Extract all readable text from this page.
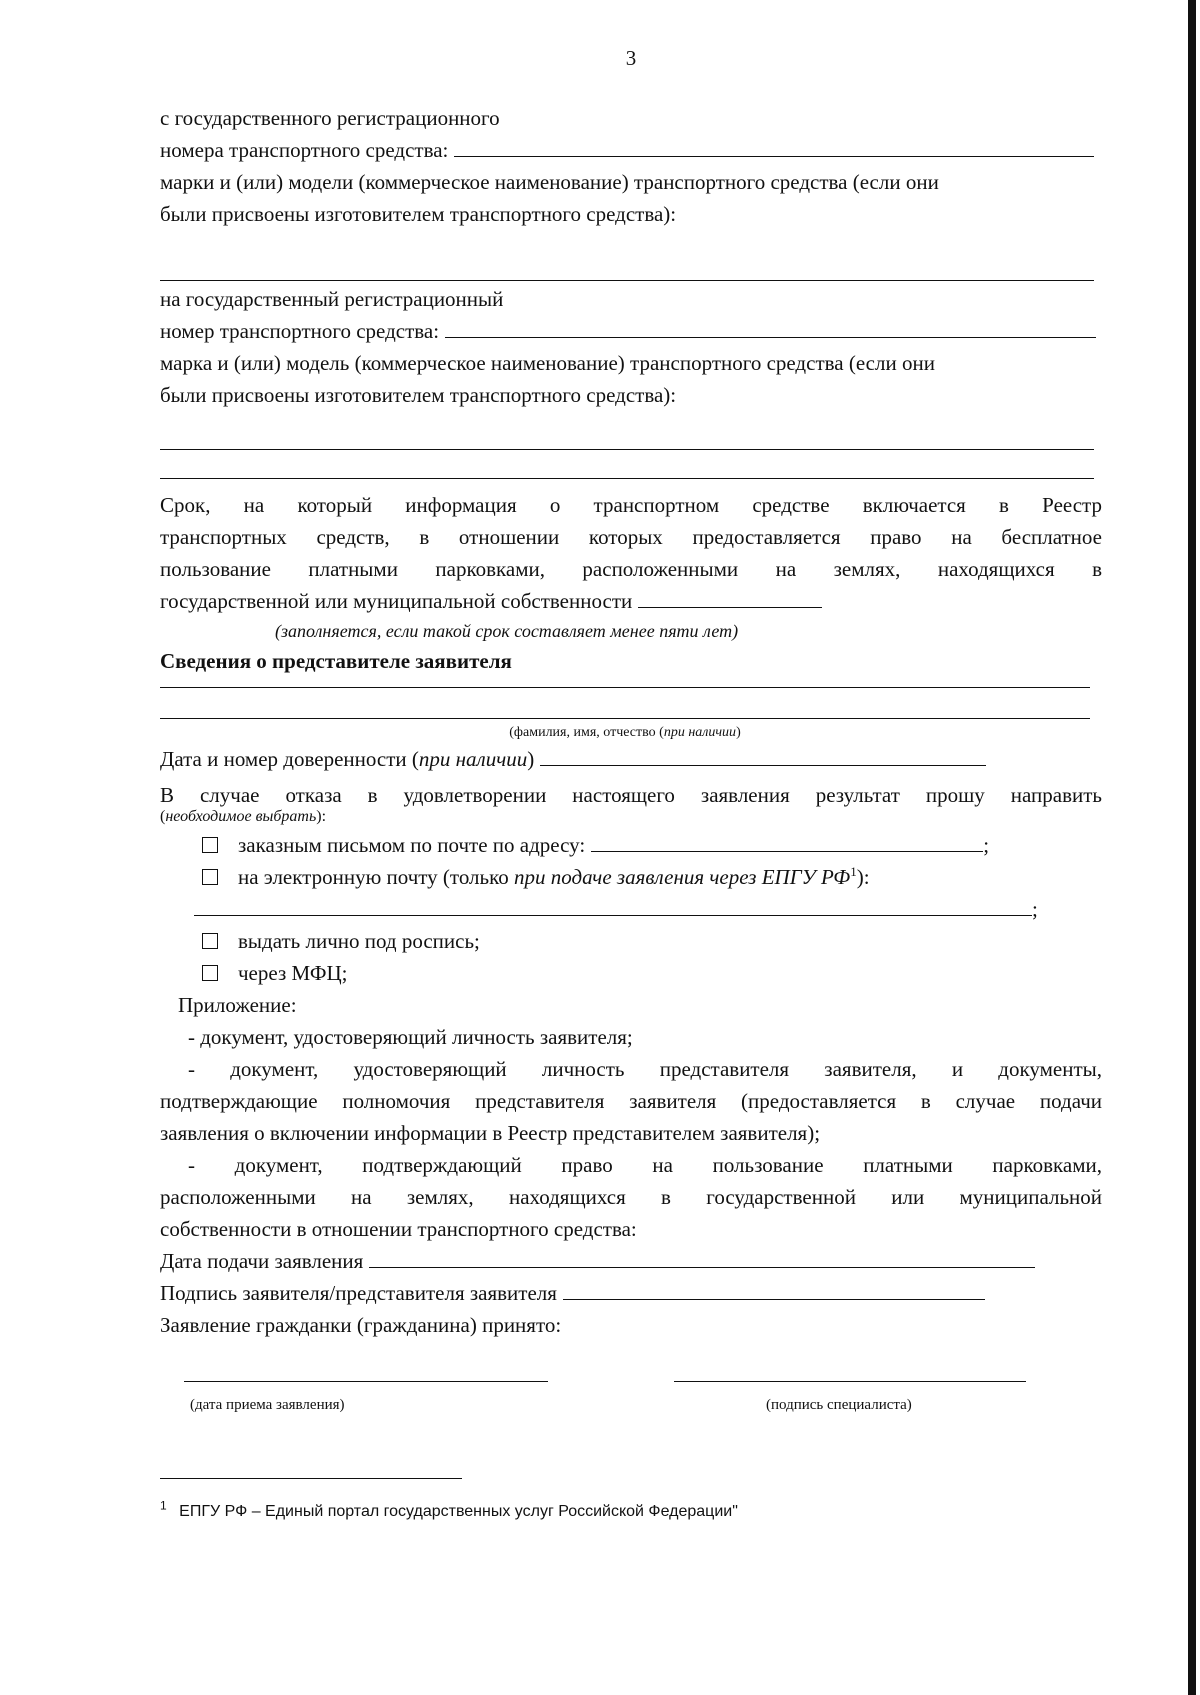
3
с государственного регистрационного
номера транспортного средства:
марки и (или) модели (коммерческое наименование) транспортного средства (если они
были присвоены изготовителем транспортного средства):
на государственный регистрационный
номер транспортного средства:
марка и (или) модель (коммерческое наименование) транспортного средства (если они
были присвоены изготовителем транспортного средства):
Срок, на который информация о транспортном средстве включается в Реестр
транспортных средств, в отношении которых предоставляется право на бесплатное
пользование платными парковками, расположенными на землях, находящихся в
государственной или муниципальной собственности
(заполняется, если такой срок составляет менее пяти лет)
Сведения о представителе заявителя
(фамилия, имя, отчество (при наличии)
Дата и номер доверенности (при наличии)
В случае отказа в удовлетворении настоящего заявления результат прошу направить
(необходимое выбрать):
заказным письмом по почте по адресу:	;
на электронную почту (только при подаче заявления через ЕПГУ $РФ^1$):
;
выдать лично под роспись;
через МФЦ;
Приложение:
- документ, удостоверяющий личность заявителя;
- документ, удостоверяющий личность представителя заявителя, и документы,
подтверждающие полномочия представителя заявителя (предоставляется в случае подачи
заявления о включении информации в Реестр представителем заявителя);
- документ, подтверждающий право на пользование платными парковками,
расположенными на землях, находящихся в государственной или муниципальной
собственности в отношении транспортного средства:
Дата подачи заявления
Подпись заявителя/представителя заявителя
Заявление гражданки (гражданина) принято:
(дата приема заявления)	(подпись специалиста)
$^1$ ЕПГУ РФ – Единый портал государственных услуг Российской Федерации"
